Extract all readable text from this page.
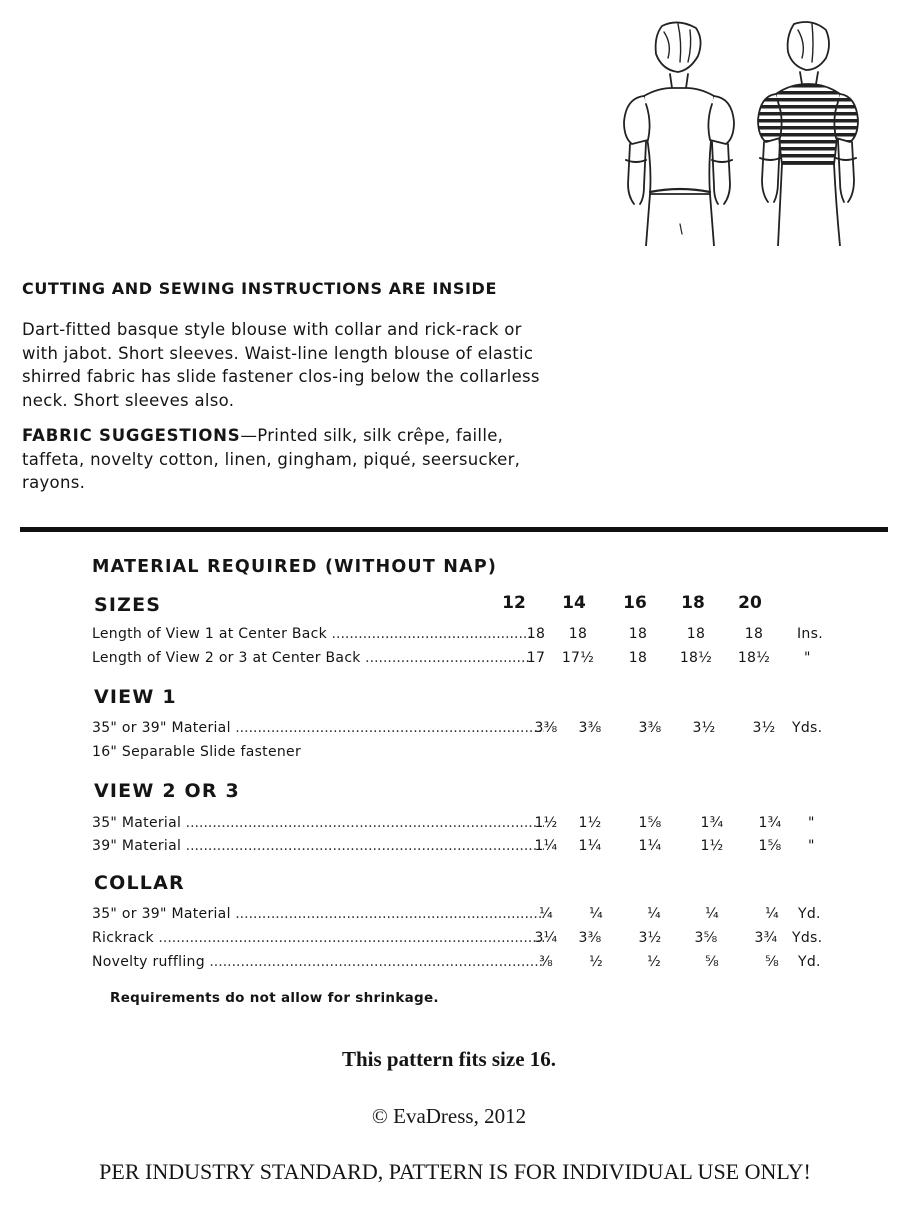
CUTTING AND SEWING INSTRUCTIONS ARE INSIDE
Dart-fitted basque style blouse with collar and rick-rack or with jabot. Short sleeves. Waist-line length blouse of elastic shirred fabric has slide fastener clos-ing below the collarless neck. Short sleeves also.
FABRIC SUGGESTIONS—Printed silk, silk crêpe, faille, taffeta, novelty cotton, linen, gingham, piqué, seersucker, rayons.
MATERIAL REQUIRED (WITHOUT NAP)
SIZES	12	14	16	18	20
Length of View 1 at Center Back .....	18	18	18	18	18	Ins.
Length of View 2 or 3 at Center Back .....	17	17½	18	18½	18½	"
VIEW 1
35" or 39" Material .....	3⅜	3⅜	3⅜	3½	3½	Yds.
16" Separable Slide fastener
VIEW 2 OR 3
35" Material .....	1½	1½	1⅝	1¾	1¾	"
39" Material .....	1¼	1¼	1¼	1½	1⅝	"
COLLAR
35" or 39" Material .....	¼	¼	¼	¼	¼	Yd.
Rickrack .....	3¼	3⅜	3½	3⅝	3¾	Yds.
Novelty ruffling .....	⅜	½	½	⅝	⅝	Yd.
Requirements do not allow for shrinkage.
This pattern fits size 16.
© EvaDress, 2012
PER INDUSTRY STANDARD, PATTERN IS FOR INDIVIDUAL USE ONLY!
